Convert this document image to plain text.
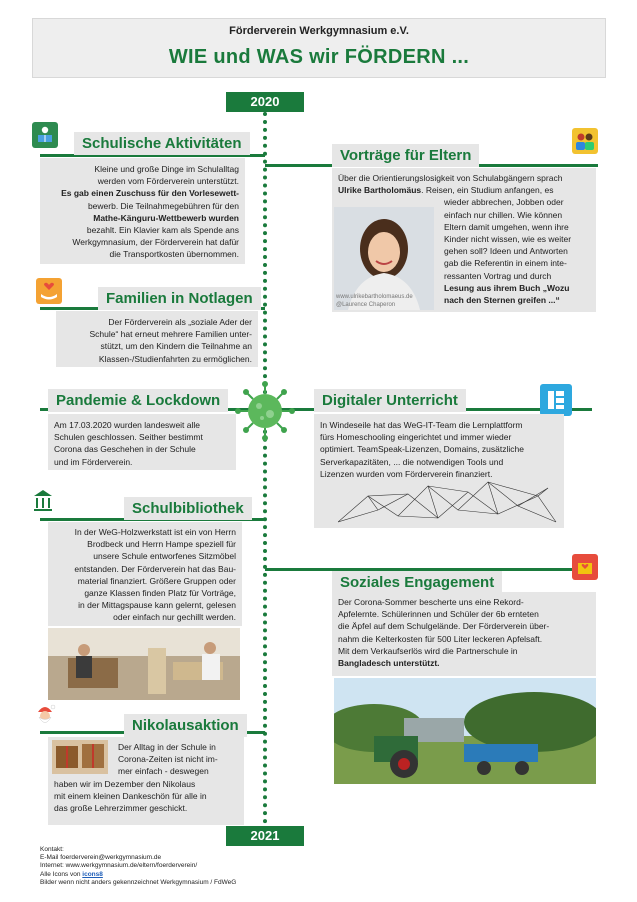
Förderverein Werkgymnasium e.V.
WIE und WAS wir FÖRDERN ...
2020
2021
Schulische Aktivitäten
Kleine und große Dinge im Schulalltag
werden vom Förderverein unterstützt.
Es gab einen Zuschuss für den Vorlesewett-
bewerb. Die Teilnahmegebühren für den
Mathe-Känguru-Wettbewerb wurden
bezahlt. Ein Klavier kam als Spende ans
Werkgymnasium, der Förderverein hat dafür
die Transportkosten übernommen.
Vorträge für Eltern
Über die Orientierungslosigkeit von Schulabgängern sprach
Ulrike Bartholomäus. Reisen, ein Studium anfangen, es
wieder abbrechen, Jobben oder
einfach nur chillen. Wie können
Eltern damit umgehen, wenn ihre
Kinder nicht wissen, wie es weiter
gehen soll? Ideen und Antworten
gab die Referentin in einem inte-
ressanten Vortrag und durch
Lesung aus ihrem Buch „Wozu
nach den Sternen greifen ...“
www.ulrikebartholomaeus.de
@Laurence Chaperon
Familien in Notlagen
Der Förderverein als „soziale Ader der
Schule“ hat erneut mehrere Familien unter-
stützt, um den Kindern die Teilnahme an
Klassen-/Studienfahrten zu ermöglichen.
Pandemie & Lockdown
Am 17.03.2020 wurden landesweit alle
Schulen geschlossen. Seither bestimmt
Corona das Geschehen in der Schule
und im Förderverein.
Digitaler Unterricht
In Windeseile hat das WeG-IT-Team die Lernplattform
fürs Homeschooling eingerichtet und immer wieder
optimiert. TeamSpeak-Lizenzen, Domains, zusätzliche
Serverkapazitäten, ... die notwendigen Tools und
Lizenzen wurden vom Förderverein finanziert.
Schulbibliothek
In der WeG-Holzwerkstatt ist ein von Herrn
Brodbeck und Herrn Hampe speziell für
unsere Schule entworfenes Sitzmöbel
entstanden. Der Förderverein hat das Bau-
material finanziert. Größere Gruppen oder
ganze Klassen finden Platz für Vorträge,
in der Mittagspause kann gelernt, gelesen
oder einfach nur gechillt werden.
Soziales Engagement
Der Corona-Sommer bescherte uns eine Rekord-
Apfelernte. Schülerinnen und Schüler der 6b ernteten
die Äpfel auf dem Schulgelände. Der Förderverein über-
nahm die Kelterkosten für 500 Liter leckeren Apfelsaft.
Mit dem Verkaufserlös wird die Partnerschule in
Bangladesch unterstützt.
Nikolausaktion
Der Alltag in der Schule in
Corona-Zeiten ist nicht im-
mer einfach - deswegen
haben wir im Dezember den Nikolaus
mit einem kleinen Dankeschön für alle in
das große Lehrerzimmer geschickt.
Kontakt:
E-Mail foerderverein@werkgymnasium.de
Internet: www.werkgymnasium.de/eltern/foerderverein/
Alle Icons von icons8
Bilder wenn nicht anders gekennzeichnet Werkgymnasium / FdWeG
